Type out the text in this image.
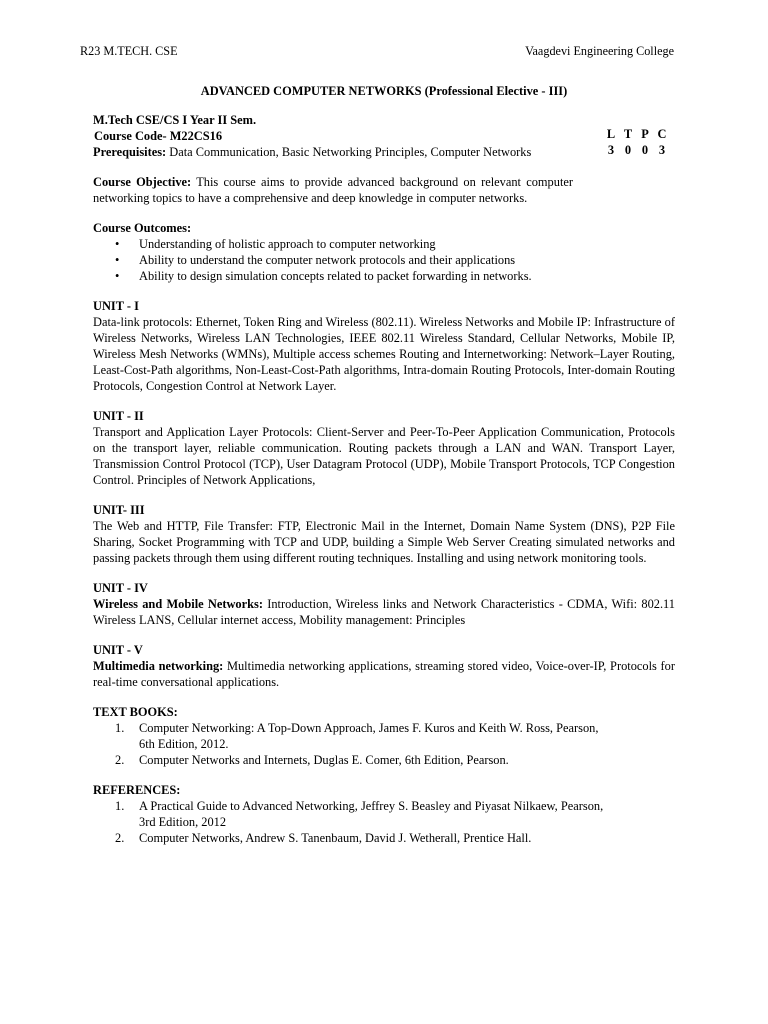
R23 M.TECH. CSE	Vaagdevi Engineering College
ADVANCED COMPUTER NETWORKS (Professional Elective - III)
L T P C
3 0 0 3
M.Tech CSE/CS I Year II Sem.
Course Code- M22CS16
Prerequisites: Data Communication, Basic Networking Principles, Computer Networks
Course Objective: This course aims to provide advanced background on relevant computer networking topics to have a comprehensive and deep knowledge in computer networks.
Course Outcomes:
• Understanding of holistic approach to computer networking
• Ability to understand the computer network protocols and their applications
• Ability to design simulation concepts related to packet forwarding in networks.
UNIT - I
Data-link protocols: Ethernet, Token Ring and Wireless (802.11). Wireless Networks and Mobile IP: Infrastructure of Wireless Networks, Wireless LAN Technologies, IEEE 802.11 Wireless Standard, Cellular Networks, Mobile IP, Wireless Mesh Networks (WMNs), Multiple access schemes Routing and Internetworking: Network–Layer Routing, Least-Cost-Path algorithms, Non-Least-Cost-Path algorithms, Intra-domain Routing Protocols, Inter-domain Routing Protocols, Congestion Control at Network Layer.
UNIT - II
Transport and Application Layer Protocols: Client-Server and Peer-To-Peer Application Communication, Protocols on the transport layer, reliable communication. Routing packets through a LAN and WAN. Transport Layer, Transmission Control Protocol (TCP), User Datagram Protocol (UDP), Mobile Transport Protocols, TCP Congestion Control. Principles of Network Applications,
UNIT- III
The Web and HTTP, File Transfer: FTP, Electronic Mail in the Internet, Domain Name System (DNS), P2P File Sharing, Socket Programming with TCP and UDP, building a Simple Web Server Creating simulated networks and passing packets through them using different routing techniques. Installing and using network monitoring tools.
UNIT - IV
Wireless and Mobile Networks: Introduction, Wireless links and Network Characteristics - CDMA, Wifi: 802.11 Wireless LANS, Cellular internet access, Mobility management: Principles
UNIT - V
Multimedia networking: Multimedia networking applications, streaming stored video, Voice-over-IP, Protocols for real-time conversational applications.
TEXT BOOKS:
1. Computer Networking: A Top-Down Approach, James F. Kuros and Keith W. Ross, Pearson, 6th Edition, 2012.
2. Computer Networks and Internets, Duglas E. Comer, 6th Edition, Pearson.
REFERENCES:
1. A Practical Guide to Advanced Networking, Jeffrey S. Beasley and Piyasat Nilkaew, Pearson, 3rd Edition, 2012
2. Computer Networks, Andrew S. Tanenbaum, David J. Wetherall, Prentice Hall.
